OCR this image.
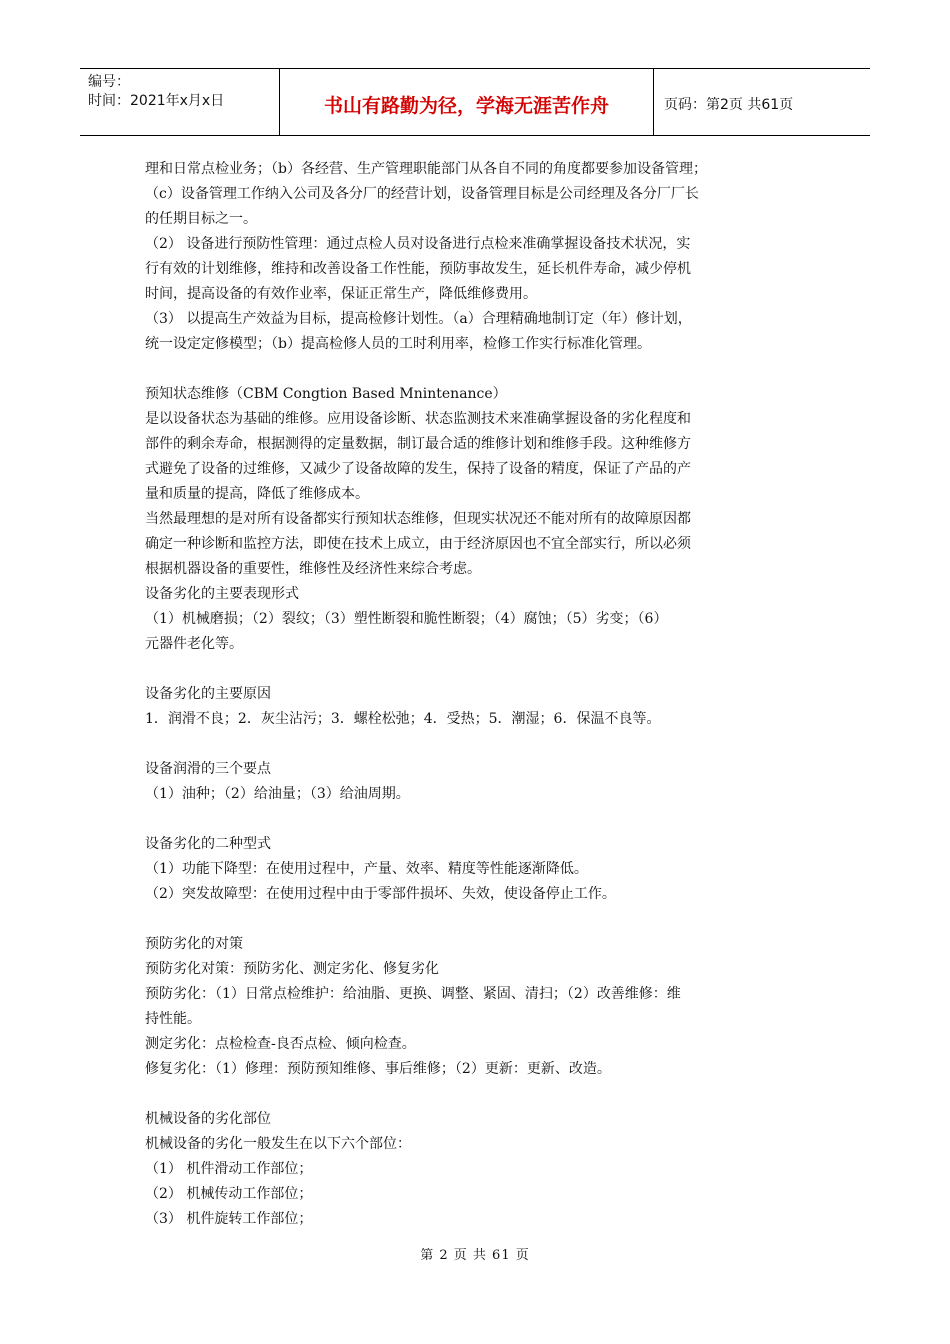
编号：
时间：2021年x月x日	书山有路勤为径，学海无涯苦作舟	页码：第2页 共61页

理和日常点检业务；（b）各经营、生产管理职能部门从各自不同的角度都要参加设备管理；

（c）设备管理工作纳入公司及各分厂的经营计划，设备管理目标是公司经理及各分厂厂长

的任期目标之一。

（2） 设备进行预防性管理：通过点检人员对设备进行点检来准确掌握设备技术状况，实

行有效的计划维修，维持和改善设备工作性能，预防事故发生，延长机件寿命，减少停机

时间，提高设备的有效作业率，保证正常生产，降低维修费用。

（3） 以提高生产效益为目标，提高检修计划性。（a）合理精确地制订定（年）修计划，

统一设定定修模型；（b）提高检修人员的工时利用率，检修工作实行标准化管理。

预知状态维修（CBM Congtion Based Mnintenance）

是以设备状态为基础的维修。应用设备诊断、状态监测技术来准确掌握设备的劣化程度和

部件的剩余寿命，根据测得的定量数据，制订最合适的维修计划和维修手段。这种维修方

式避免了设备的过维修，又减少了设备故障的发生，保持了设备的精度，保证了产品的产

量和质量的提高，降低了维修成本。

当然最理想的是对所有设备都实行预知状态维修，但现实状况还不能对所有的故障原因都

确定一种诊断和监控方法，即使在技术上成立，由于经济原因也不宜全部实行，所以必须

根据机器设备的重要性，维修性及经济性来综合考虑。

设备劣化的主要表现形式

（1）机械磨损；（2）裂纹；（3）塑性断裂和脆性断裂；（4）腐蚀；（5）劣变；（6）

元器件老化等。

设备劣化的主要原因

1．润滑不良；2．灰尘沾污；3．螺栓松弛；4．受热；5．潮湿；6．保温不良等。

设备润滑的三个要点

（1）油种；（2）给油量；（3）给油周期。

设备劣化的二种型式

（1）功能下降型：在使用过程中，产量、效率、精度等性能逐渐降低。

（2）突发故障型：在使用过程中由于零部件损坏、失效，使设备停止工作。

预防劣化的对策

预防劣化对策：预防劣化、测定劣化、修复劣化

预防劣化：（1）日常点检维护：给油脂、更换、调整、紧固、清扫；（2）改善维修：维

持性能。

测定劣化：点检检查-良否点检、倾向检查。

修复劣化：（1）修理：预防预知维修、事后维修；（2）更新：更新、改造。

机械设备的劣化部位

机械设备的劣化一般发生在以下六个部位：

（1） 机件滑动工作部位；

（2） 机械传动工作部位；

（3） 机件旋转工作部位；

第 2 页 共 61 页
